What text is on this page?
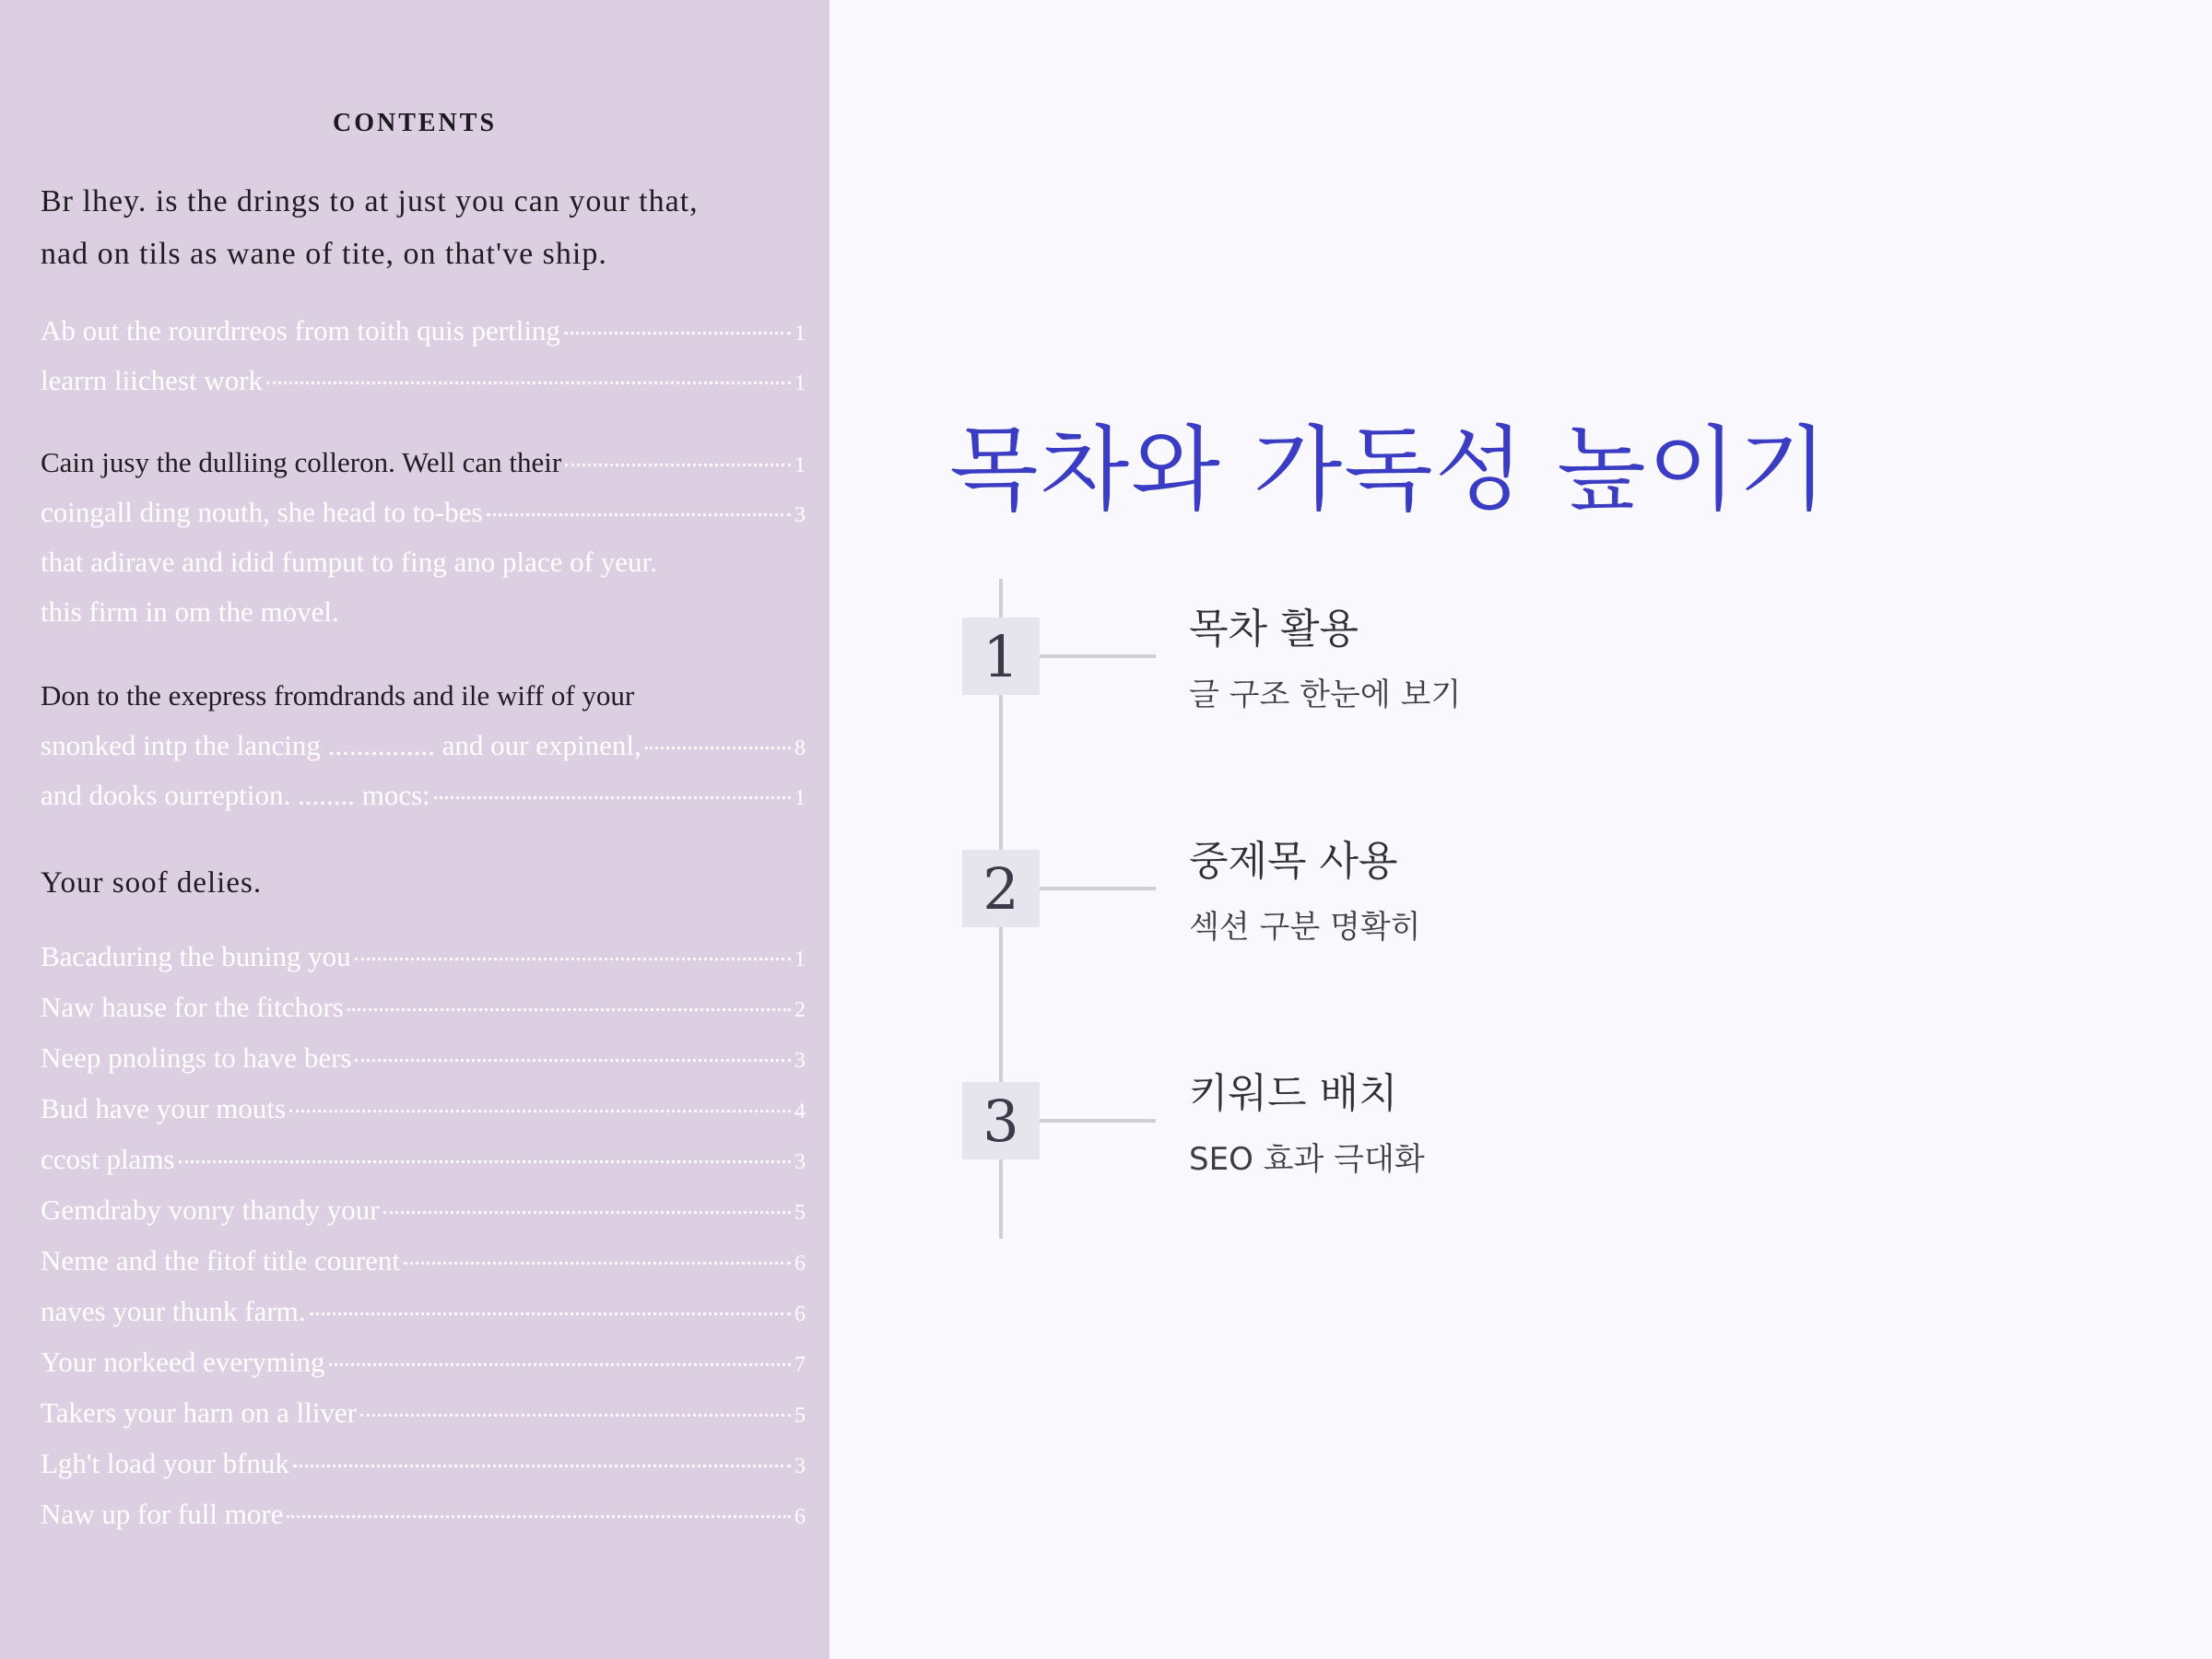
CONTENTS

Br lhey. is the drings to at just you can your that,

nad on tils as wane of tite, on that've ship.

Ab out the rourdrreos from toith quis pertling	1
learrn liichest work	1
Cain jusy the dulliing colleron. Well can their	1
coingall ding nouth, she head to to-bes	3
that adirave and idid fumput to fing ano place of yeur.
this firm in om the movel.
Don to the exepress fromdrands and ile wiff of your
snonked intp the lancing ............... and our expinenl,	8
and dooks ourreption. ........ mocs:	1
Your soof delies.
Bacaduring the buning you	1
Naw hause for the fitchors	2
Neep pnolings to have bers	3
Bud have your mouts	4
ccost plams	3
Gemdraby vonry thandy your	5
Neme and the fitof title courent	6
naves your thunk farm.	6
Your norkeed everyming	7
Takers your harn on a lliver	5
Lgh't load your bfnuk	3
Naw up for full more	6
목차와 가독성 높이기
1	목차 활용
글 구조 한눈에 보기
2	중제목 사용
섹션 구분 명확히
3	키워드 배치
SEO 효과 극대화
